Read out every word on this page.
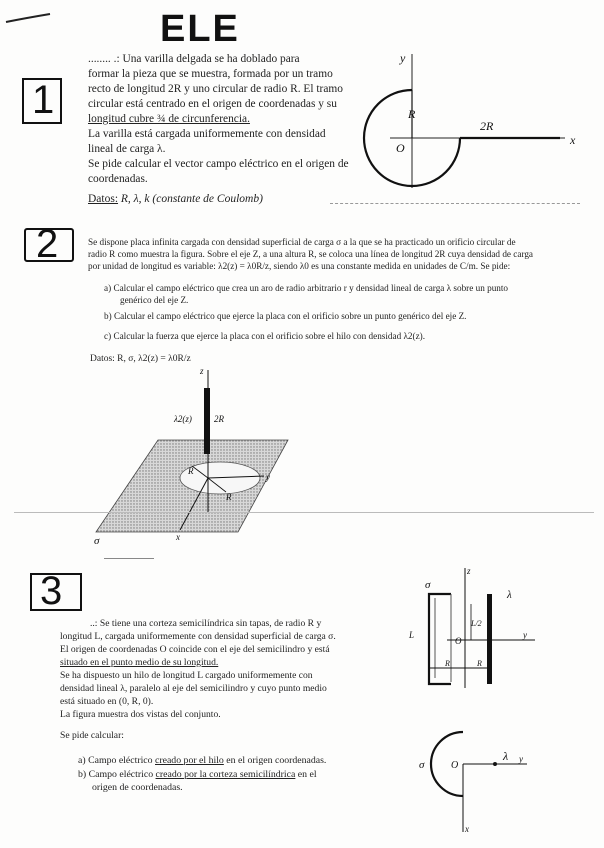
ELE
1
........ .: Una varilla delgada se ha doblado para
formar la pieza que se muestra, formada por un tramo
recto de longitud 2R y uno circular de radio R. El tramo
circular está centrado en el origen de coordenadas y su
longitud cubre ¾ de circunferencia.
La varilla está cargada uniformemente con densidad
lineal de carga λ.
Se pide calcular el vector campo eléctrico en el origen de
coordenadas.
Datos: R, λ, k (constante de Coulomb)
y
x
R
2R
O
2	Se dispone placa infinita cargada con densidad superficial de carga σ a la que se ha practicado un orificio circular de
radio R como muestra la figura. Sobre el eje Z, a una altura R, se coloca una línea de longitud 2R cuya densidad de carga
por unidad de longitud es variable: λ2(z) = λ0R/z, siendo λ0 es una constante medida en unidades de C/m. Se pide:
a) Calcular el campo eléctrico que crea un aro de radio arbitrario r y densidad lineal de carga λ sobre un punto
genérico del eje Z.
b) Calcular el campo eléctrico que ejerce la placa con el orificio sobre un punto genérico del eje Z.
c) Calcular la fuerza que ejerce la placa con el orificio sobre el hilo con densidad λ2(z).
Datos: R, σ, λ2(z) = λ0R/z
z
λ2(z) 2R
R
R
y
x
σ
3
..: Se tiene una corteza semicilíndrica sin tapas, de radio R y
longitud L, cargada uniformemente con densidad superficial de carga σ.
El origen de coordenadas O coincide con el eje del semicilindro y está
situado en el punto medio de su longitud.
Se ha dispuesto un hilo de longitud L cargado uniformemente con
densidad lineal λ, paralelo al eje del semicilindro y cuyo punto medio
está situado en (0, R, 0).
La figura muestra dos vistas del conjunto.
Se pide calcular:
a) Campo eléctrico creado por el hilo en el origen coordenadas.
b) Campo eléctrico creado por la corteza semicilíndrica en el
origen de coordenadas.
z
σ
λ
L
L/2
O
y
R	R
σ	O
λ y
x
